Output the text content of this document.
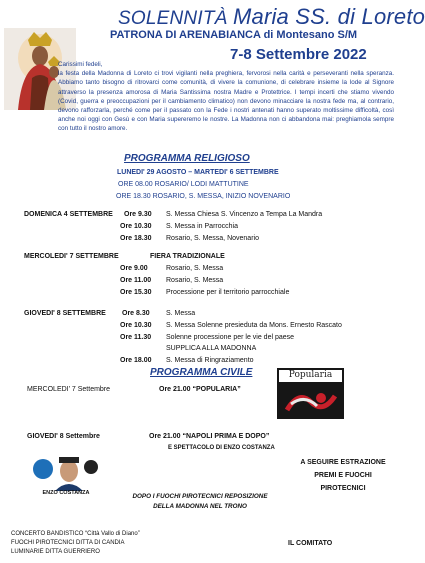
SOLENNITÀ Maria SS. di Loreto
PATRONA DI ARENABIANCA di Montesano S/M
7-8 Settembre 2022

Carissimi fedeli,

la festa della Madonna di Loreto ci trovi vigilanti nella preghiera, fervorosi nella carità e perseveranti nella speranza. Abbiamo tanto bisogno di ritrovarci come comunità, di vivere la comunione, di celebrare insieme la lode al Signore attraverso la presenza amorosa di Maria Santissima nostra Madre e Protettrice. I tempi incerti che stiamo vivendo (Covid, guerra e preoccupazioni per il cambiamento climatico) non devono minacciare la nostra fede ma, al contrario, devono rafforzarla, perché come per il passato con la Fede i nostri antenati hanno superato moltissime difficoltà, così anche noi oggi con Gesù e con Maria supereremo le nostre. La Madonna non ci abbandona mai: preghiamola sempre con tutto il nostro amore.

PROGRAMMA RELIGIOSO
LUNEDI' 29 AGOSTO – MARTEDI' 6 SETTEMBRE
ORE 08.00 ROSARIO/ LODI MATTUTINE
ORE 18.30 ROSARIO, S. MESSA, INIZIO NOVENARIO
DOMENICA 4 SETTEMBRE Ore 9.30 S. Messa Chiesa S. Vincenzo a Tempa La Mandra
Ore 10.30 S. Messa in Parrocchia
Ore 18.30 Rosario, S. Messa, Novenario
MERCOLEDI' 7 SETTEMBRE	FIERA TRADIZIONALE
Ore 9.00	Rosario, S. Messa
Ore 11.00 Rosario, S. Messa
Ore 15.30 Processione per il territorio parrocchiale
GIOVEDI' 8 SETTEMBRE Ore 8.30 S. Messa
Ore 10.30 S. Messa Solenne presieduta da Mons. Ernesto Rascato
Ore 11.30 Solenne processione per le vie del paese
SUPPLICA ALLA MADONNA
Ore 18.00 S. Messa di Ringraziamento
PROGRAMMA CIVILE
MERCOLEDI' 7 Settembre	Ore 21.00 “POPULARIA”
Popularia
GIOVEDI' 8 Settembre	Ore 21.00 “NAPOLI PRIMA E DOPO”
E SPETTACOLO DI ENZO COSTANZA
ENZO COSTANZA
A SEGUIRE ESTRAZIONE
PREMI E FUOCHI
PIROTECNICI
DOPO I FUOCHI PIROTECNICI REPOSIZIONE
DELLA MADONNA NEL TRONO
CONCERTO BANDISTICO “Città Vallo di Diano”
FUOCHI PIROTECNICI DITTA DI CANDIA
LUMINARIE DITTA GUERRIERO
IL COMITATO
